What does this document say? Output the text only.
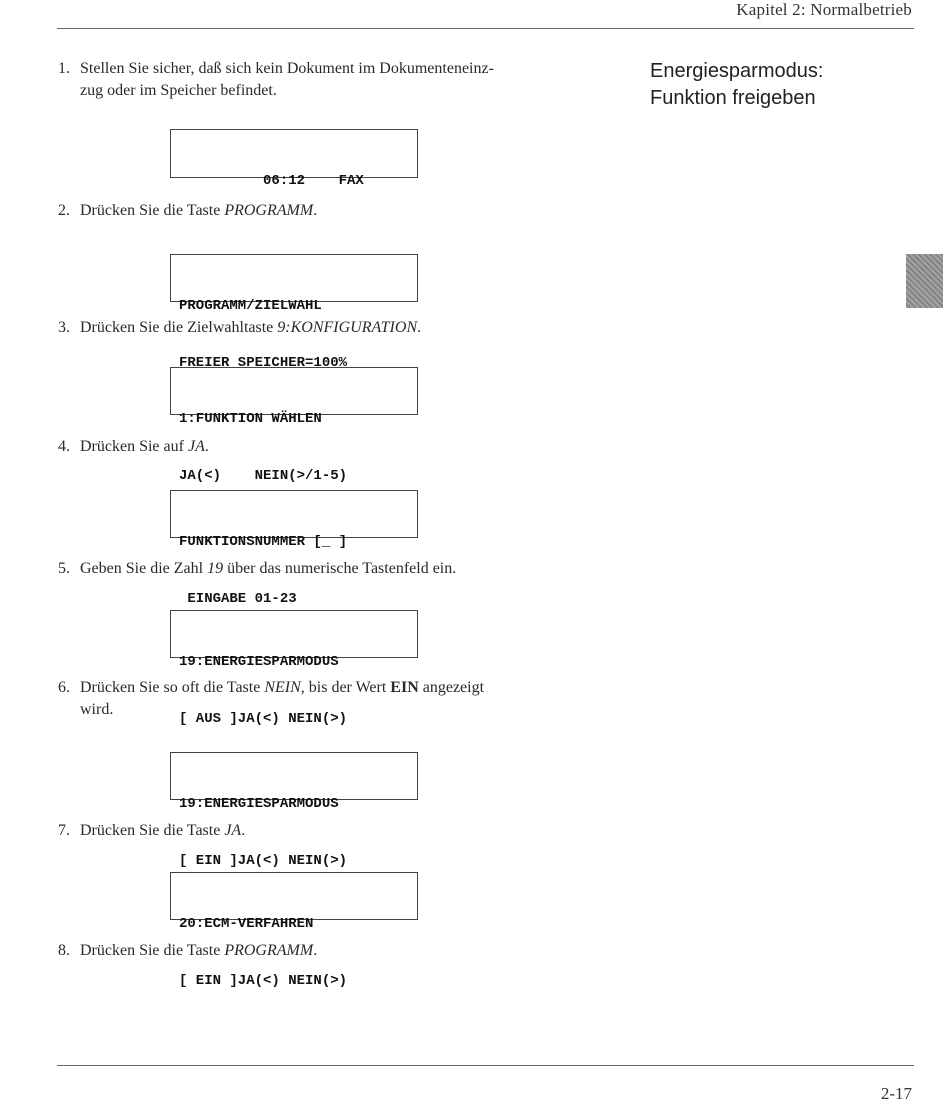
Kapitel 2: Normalbetrieb
Energiesparmodus:
Funktion freigeben
1. Stellen Sie sicher, daß sich kein Dokument im Dokumenteneinz-
zug oder im Speicher befindet.

06:12    FAX

2. Drücken Sie die Taste PROGRAMM.

PROGRAMM/ZIELWAHL

FREIER SPEICHER=100%

3. Drücken Sie die Zielwahltaste 9:KONFIGURATION.

1:FUNKTION WÄHLEN

JA(<)    NEIN(>/1-5)

4. Drücken Sie auf JA.

FUNKTIONSNUMMER [_ ]

EINGABE 01-23

5. Geben Sie die Zahl 19 über das numerische Tastenfeld ein.

19:ENERGIESPARMODUS

[ AUS ]JA(<) NEIN(>)

6. Drücken Sie so oft die Taste NEIN, bis der Wert EIN angezeigt
wird.

19:ENERGIESPARMODUS

[ EIN ]JA(<) NEIN(>)

7. Drücken Sie die Taste JA.

20:ECM-VERFAHREN

[ EIN ]JA(<) NEIN(>)

8. Drücken Sie die Taste PROGRAMM.
2-17
